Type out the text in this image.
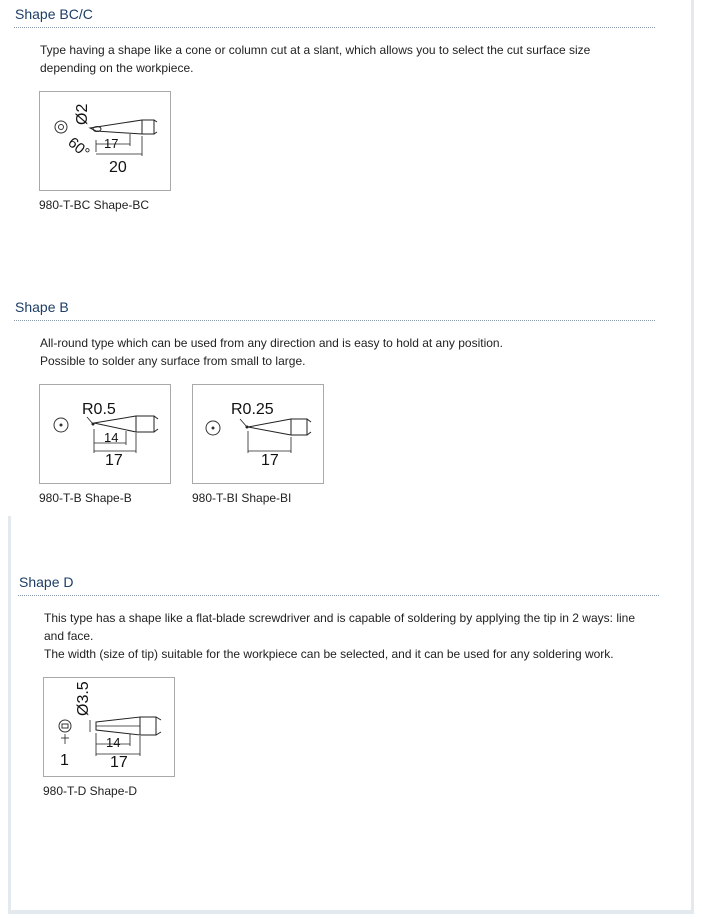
Shape BC/C

Type having a shape like a cone or column cut at a slant, which allows you to select the cut surface size depending on the workpiece.

Ø2
60° 17
20
980-T-BC Shape-BC
Shape B

All-round type which can be used from any direction and is easy to hold at any position.

Possible to solder any surface from small to large.

R0.5
14
17
980-T-B Shape-B
R0.25
17
980-T-BI Shape-BI
Shape D

This type has a shape like a flat-blade screwdriver and is capable of soldering by applying the tip in 2 ways: line and face.

The width (size of tip) suitable for the workpiece can be selected, and it can be used for any soldering work.

Ø3.5
1
14
17
980-T-D Shape-D
